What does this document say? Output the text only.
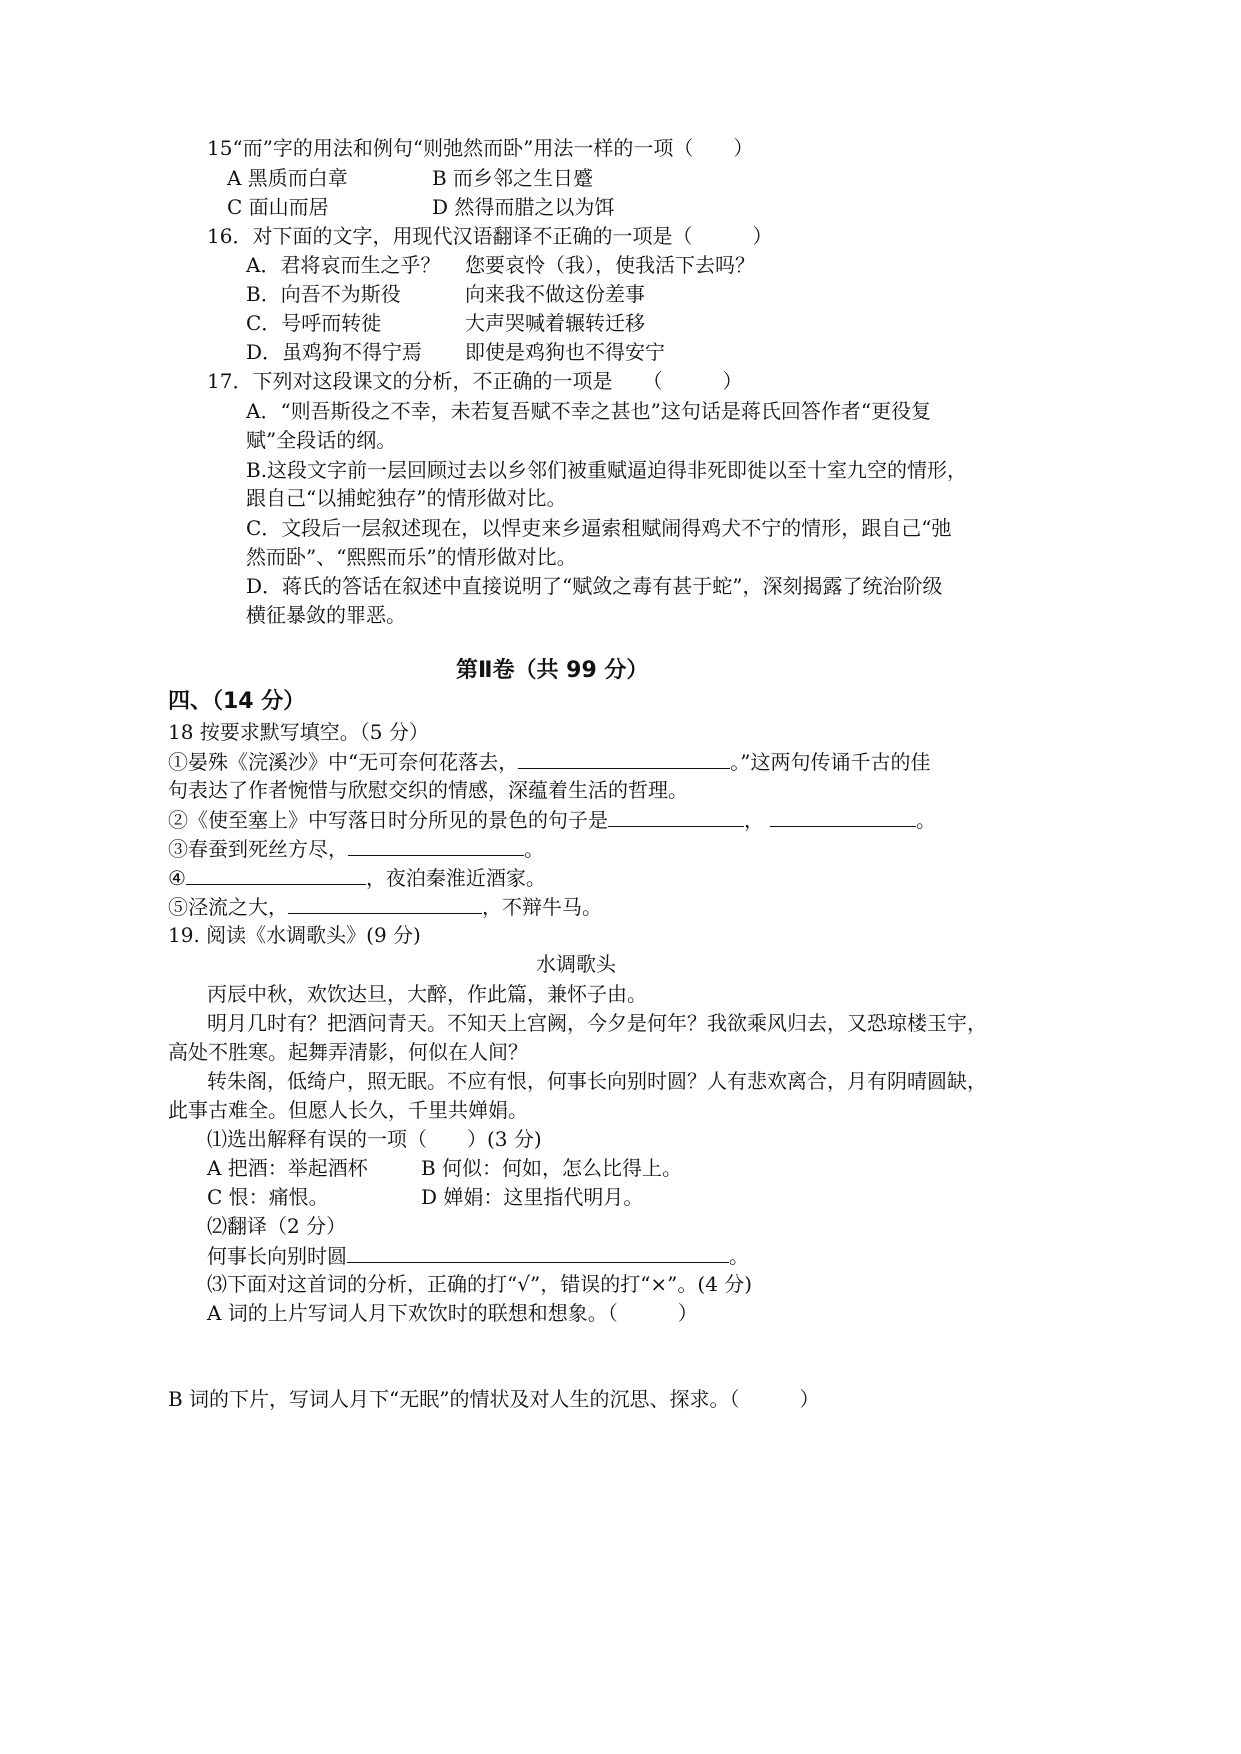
15“而”字的用法和例句“则弛然而卧”用法一样的一项（　　）
A 黑质而白章	B 而乡邻之生日蹙
C 面山而居	D 然得而腊之以为饵
16．对下面的文字，用现代汉语翻译不正确的一项是（　　　）
A．君将哀而生之乎？ 您要哀怜（我），使我活下去吗？
B．向吾不为斯役	向来我不做这份差事
C．号呼而转徙	大声哭喊着辗转迁移
D．虽鸡狗不得宁焉 即使是鸡狗也不得安宁
17．下列对这段课文的分析，不正确的一项是　　（　　　）
A．“则吾斯役之不幸，未若复吾赋不幸之甚也”这句话是蒋氏回答作者“更役复
赋”全段话的纲。
B.这段文字前一层回顾过去以乡邻们被重赋逼迫得非死即徙以至十室九空的情形，
跟自己“以捕蛇独存”的情形做对比。
C．文段后一层叙述现在，以悍吏来乡逼索租赋闹得鸡犬不宁的情形，跟自己“弛
然而卧”、“熙熙而乐”的情形做对比。
D．蒋氏的答话在叙述中直接说明了“赋敛之毒有甚于蛇”，深刻揭露了统治阶级
横征暴敛的罪恶。
第Ⅱ卷（共 99 分）
四、（14 分）
18 按要求默写填空。（5 分）
①晏殊《浣溪沙》中“无可奈何花落去，	。”这两句传诵千古的佳
句表达了作者惋惜与欣慰交织的情感，深蕴着生活的哲理。
②《使至塞上》中写落日时分所见的景色的句子是	，	。
③春蚕到死丝方尽，	。
④	，夜泊秦淮近酒家。
⑤泾流之大，	，不辩牛马。
19. 阅读《水调歌头》(9 分)
水调歌头
丙辰中秋，欢饮达旦，大醉，作此篇，兼怀子由。
明月几时有？把酒问青天。不知天上宫阙，今夕是何年？我欲乘风归去，又恐琼楼玉宇，
高处不胜寒。起舞弄清影，何似在人间？
转朱阁，低绮户，照无眠。不应有恨，何事长向别时圆？人有悲欢离合，月有阴晴圆缺，
此事古难全。但愿人长久，千里共婵娟。
⑴选出解释有误的一项（　　）(3 分)
A 把酒：举起酒杯	B 何似：何如，怎么比得上。
C 恨：痛恨。	D 婵娟：这里指代明月。
⑵翻译（2 分）
何事长向别时圆	。
⑶下面对这首词的分析，正确的打“√”，错误的打“×”。(4 分)
A 词的上片写词人月下欢饮时的联想和想象。（　　　）
B 词的下片，写词人月下“无眠”的情状及对人生的沉思、探求。（　　　）
